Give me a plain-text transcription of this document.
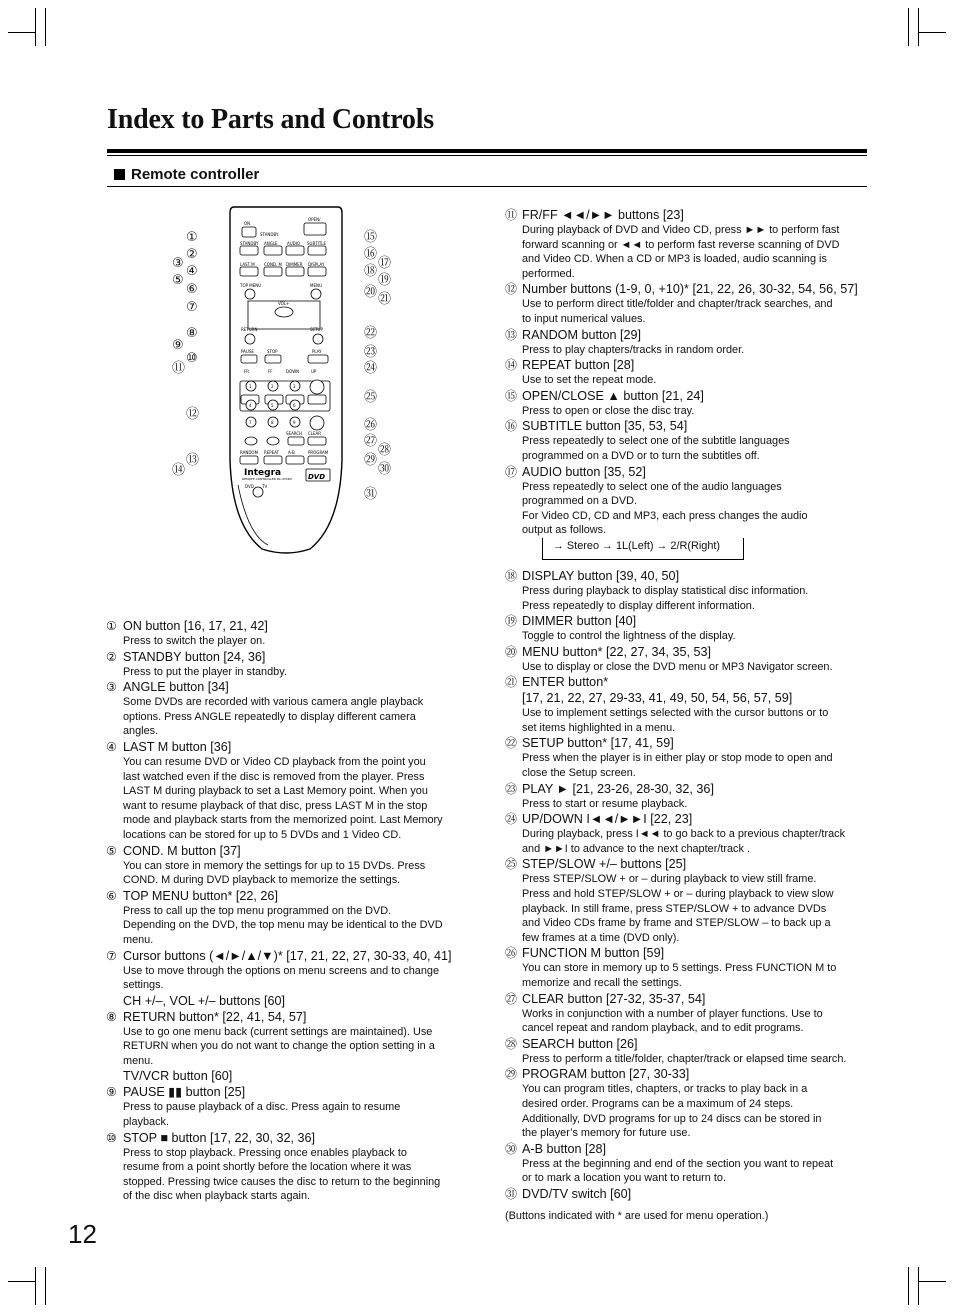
Index to Parts and Controls
Remote controller
ON
STANDBY
OPEN/
STANDBY ANGLE AUDIO SUBTITLE
LAST M COND. M DIMMER DISPLAY
TOP MENU	MENU
VOL+
RETURN	SETUP
PAUSE	STOP	PLAY
FR	FF	DOWN	UP
1	2	3
4	5	6
7	8	9
SEARCH CLEAR
RANDOM REPEAT A-B	PROGRAM
REMOTE CONTROLLER RC-433DV
DVD TV
Integra	DVD
①
②
③
④
⑤
⑥
⑦
⑧
⑨
⑩
⑪
⑫
⑬
⑭
⑮
⑯
⑰
⑱
⑲
⑳ ㉑
㉒
㉓
㉔
㉕
㉖
㉗
㉘
㉙
㉚
㉛
① ON button [16, 17, 21, 42]
Press to switch the player on.
② STANDBY button [24, 36]
Press to put the player in standby.
③ ANGLE button [34]
Some DVDs are recorded with various camera angle playback
options. Press ANGLE repeatedly to display different camera
angles.
④ LAST M button [36]
You can resume DVD or Video CD playback from the point you
last watched even if the disc is removed from the player. Press
LAST M during playback to set a Last Memory point. When you
want to resume playback of that disc, press LAST M in the stop
mode and playback starts from the memorized point. Last Memory
locations can be stored for up to 5 DVDs and 1 Video CD.
⑤ COND. M button [37]
You can store in memory the settings for up to 15 DVDs. Press
COND. M during DVD playback to memorize the settings.
⑥ TOP MENU button* [22, 26]
Press to call up the top menu programmed on the DVD.
Depending on the DVD, the top menu may be identical to the DVD
menu.
⑦ Cursor buttons (◄/►/▲/▼)* [17, 21, 22, 27, 30-33, 40, 41]
Use to move through the options on menu screens and to change
settings.
CH +/–, VOL +/– buttons [60]
⑧ RETURN button* [22, 41, 54, 57]
Use to go one menu back (current settings are maintained). Use
RETURN when you do not want to change the option setting in a
menu.
TV/VCR button [60]
⑨ PAUSE ▮▮ button [25]
Press to pause playback of a disc. Press again to resume
playback.
⑩ STOP ■ button [17, 22, 30, 32, 36]
Press to stop playback. Pressing once enables playback to
resume from a point shortly before the location where it was
stopped. Pressing twice causes the disc to return to the beginning
of the disc when playback starts again.
⑪ FR/FF ◄◄/►► buttons [23]
During playback of DVD and Video CD, press ►► to perform fast
forward scanning or ◄◄ to perform fast reverse scanning of DVD
and Video CD. When a CD or MP3 is loaded, audio scanning is
performed.
⑫ Number buttons (1-9, 0, +10)* [21, 22, 26, 30-32, 54, 56, 57]
Use to perform direct title/folder and chapter/track searches, and
to input numerical values.
⑬ RANDOM button [29]
Press to play chapters/tracks in random order.
⑭ REPEAT button [28]
Use to set the repeat mode.
⑮ OPEN/CLOSE ▲ button [21, 24]
Press to open or close the disc tray.
⑯ SUBTITLE button [35, 53, 54]
Press repeatedly to select one of the subtitle languages
programmed on a DVD or to turn the subtitles off.
⑰ AUDIO button [35, 52]
Press repeatedly to select one of the audio languages
programmed on a DVD.
For Video CD, CD and MP3, each press changes the audio
output as follows.
→ Stereo → 1L(Left) → 2/R(Right)
⑱ DISPLAY button [39, 40, 50]
Press during playback to display statistical disc information.
Press repeatedly to display different information.
⑲ DIMMER button [40]
Toggle to control the lightness of the display.
⑳ MENU button* [22, 27, 34, 35, 53]
Use to display or close the DVD menu or MP3 Navigator screen.
㉑ ENTER button*
[17, 21, 22, 27, 29-33, 41, 49, 50, 54, 56, 57, 59]
Use to implement settings selected with the cursor buttons or to
set items highlighted in a menu.
㉒ SETUP button* [17, 41, 59]
Press when the player is in either play or stop mode to open and
close the Setup screen.
㉓ PLAY ► [21, 23-26, 28-30, 32, 36]
Press to start or resume playback.
㉔ UP/DOWN I◄◄/►►I [22, 23]
During playback, press I◄◄ to go back to a previous chapter/track
and ►►I to advance to the next chapter/track .
㉕ STEP/SLOW +/– buttons [25]
Press STEP/SLOW + or – during playback to view still frame.
Press and hold STEP/SLOW + or – during playback to view slow
playback. In still frame, press STEP/SLOW + to advance DVDs
and Video CDs frame by frame and STEP/SLOW – to back up a
few frames at a time (DVD only).
㉖ FUNCTION M button [59]
You can store in memory up to 5 settings. Press FUNCTION M to
memorize and recall the settings.
㉗ CLEAR button [27-32, 35-37, 54]
Works in conjunction with a number of player functions. Use to
cancel repeat and random playback, and to edit programs.
㉘ SEARCH button [26]
Press to perform a title/folder, chapter/track or elapsed time search.
㉙ PROGRAM button [27, 30-33]
You can program titles, chapters, or tracks to play back in a
desired order. Programs can be a maximum of 24 steps.
Additionally, DVD programs for up to 24 discs can be stored in
the player’s memory for future use.
㉚ A-B button [28]
Press at the beginning and end of the section you want to repeat
or to mark a location you want to return to.
㉛ DVD/TV switch [60]
(Buttons indicated with * are used for menu operation.)
12
